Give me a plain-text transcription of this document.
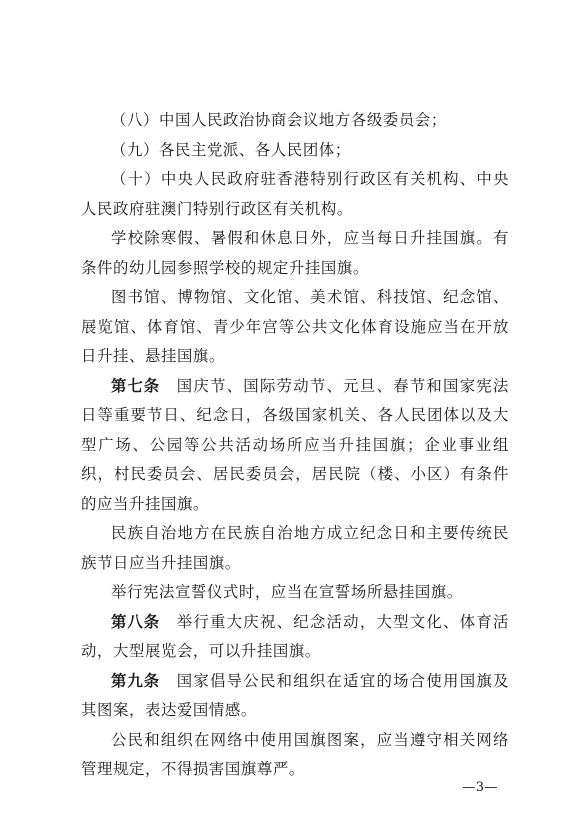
（八）中国人民政治协商会议地方各级委员会；

（九）各民主党派、各人民团体；

（十）中央人民政府驻香港特别行政区有关机构、中央人民政府驻澳门特别行政区有关机构。

学校除寒假、暑假和休息日外，应当每日升挂国旗。有条件的幼儿园参照学校的规定升挂国旗。

图书馆、博物馆、文化馆、美术馆、科技馆、纪念馆、展览馆、体育馆、青少年宫等公共文化体育设施应当在开放日升挂、悬挂国旗。

第七条　 国庆节、国际劳动节、元旦、春节和国家宪法日等重要节日、纪念日，各级国家机关、各人民团体以及大型广场、公园等公共活动场所应当升挂国旗；企业事业组织，村民委员会、居民委员会，居民院（楼、小区）有条件的应当升挂国旗。

民族自治地方在民族自治地方成立纪念日和主要传统民族节日应当升挂国旗。

举行宪法宣誓仪式时，应当在宣誓场所悬挂国旗。

第八条　 举行重大庆祝、纪念活动，大型文化、体育活动，大型展览会，可以升挂国旗。

第九条　 国家倡导公民和组织在适宜的场合使用国旗及其图案，表达爱国情感。

公民和组织在网络中使用国旗图案，应当遵守相关网络管理规定，不得损害国旗尊严。

—3—
